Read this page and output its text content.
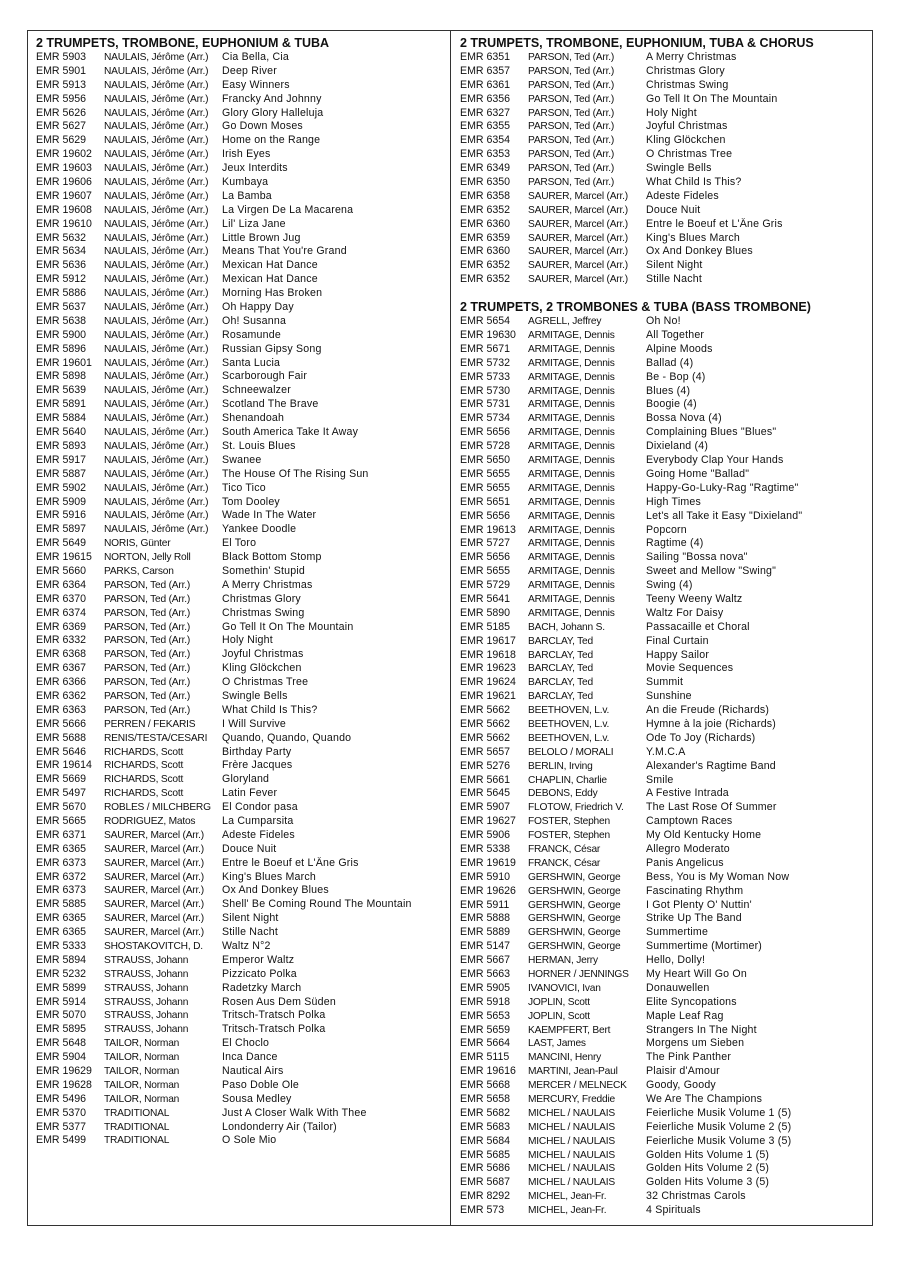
2 TRUMPETS, TROMBONE, EUPHONIUM & TUBA
EMR 5903	NAULAIS, Jérôme (Arr.)	Cia Bella, Cia
EMR 5901	NAULAIS, Jérôme (Arr.)	Deep River
EMR 5913	NAULAIS, Jérôme (Arr.)	Easy Winners
EMR 5956	NAULAIS, Jérôme (Arr.)	Francky And Johnny
EMR 5626	NAULAIS, Jérôme (Arr.)	Glory Glory Halleluja
EMR 5627	NAULAIS, Jérôme (Arr.)	Go Down Moses
EMR 5629	NAULAIS, Jérôme (Arr.)	Home on the Range
EMR 19602	NAULAIS, Jérôme (Arr.)	Irish Eyes
EMR 19603	NAULAIS, Jérôme (Arr.)	Jeux Interdits
EMR 19606	NAULAIS, Jérôme (Arr.)	Kumbaya
EMR 19607	NAULAIS, Jérôme (Arr.)	La Bamba
EMR 19608	NAULAIS, Jérôme (Arr.)	La Virgen De La Macarena
EMR 19610	NAULAIS, Jérôme (Arr.)	Lil' Liza Jane
EMR 5632	NAULAIS, Jérôme (Arr.)	Little Brown Jug
EMR 5634	NAULAIS, Jérôme (Arr.)	Means That You're Grand
EMR 5636	NAULAIS, Jérôme (Arr.)	Mexican Hat Dance
EMR 5912	NAULAIS, Jérôme (Arr.)	Mexican Hat Dance
EMR 5886	NAULAIS, Jérôme (Arr.)	Morning Has Broken
EMR 5637	NAULAIS, Jérôme (Arr.)	Oh Happy Day
EMR 5638	NAULAIS, Jérôme (Arr.)	Oh! Susanna
EMR 5900	NAULAIS, Jérôme (Arr.)	Rosamunde
EMR 5896	NAULAIS, Jérôme (Arr.)	Russian Gipsy Song
EMR 19601	NAULAIS, Jérôme (Arr.)	Santa Lucia
EMR 5898	NAULAIS, Jérôme (Arr.)	Scarborough Fair
EMR 5639	NAULAIS, Jérôme (Arr.)	Schneewalzer
EMR 5891	NAULAIS, Jérôme (Arr.)	Scotland The Brave
EMR 5884	NAULAIS, Jérôme (Arr.)	Shenandoah
EMR 5640	NAULAIS, Jérôme (Arr.)	South America Take It Away
EMR 5893	NAULAIS, Jérôme (Arr.)	St. Louis Blues
EMR 5917	NAULAIS, Jérôme (Arr.)	Swanee
EMR 5887	NAULAIS, Jérôme (Arr.)	The House Of The Rising Sun
EMR 5902	NAULAIS, Jérôme (Arr.)	Tico Tico
EMR 5909	NAULAIS, Jérôme (Arr.)	Tom Dooley
EMR 5916	NAULAIS, Jérôme (Arr.)	Wade In The Water
EMR 5897	NAULAIS, Jérôme (Arr.)	Yankee Doodle
EMR 5649	NORIS, Günter	El Toro
EMR 19615	NORTON, Jelly Roll	Black Bottom Stomp
EMR 5660	PARKS, Carson	Somethin' Stupid
EMR 6364	PARSON, Ted (Arr.)	A Merry Christmas
EMR 6370	PARSON, Ted (Arr.)	Christmas Glory
EMR 6374	PARSON, Ted (Arr.)	Christmas Swing
EMR 6369	PARSON, Ted (Arr.)	Go Tell It On The Mountain
EMR 6332	PARSON, Ted (Arr.)	Holy Night
EMR 6368	PARSON, Ted (Arr.)	Joyful Christmas
EMR 6367	PARSON, Ted (Arr.)	Kling Glöckchen
EMR 6366	PARSON, Ted (Arr.)	O Christmas Tree
EMR 6362	PARSON, Ted (Arr.)	Swingle Bells
EMR 6363	PARSON, Ted (Arr.)	What Child Is This?
EMR 5666	PERREN / FEKARIS	I Will Survive
EMR 5688	RENIS/TESTA/CESARI	Quando, Quando, Quando
EMR 5646	RICHARDS, Scott	Birthday Party
EMR 19614	RICHARDS, Scott	Frère Jacques
EMR 5669	RICHARDS, Scott	Gloryland
EMR 5497	RICHARDS, Scott	Latin Fever
EMR 5670	ROBLES / MILCHBERG	El Condor pasa
EMR 5665	RODRIGUEZ, Matos	La Cumparsita
EMR 6371	SAURER, Marcel (Arr.)	Adeste Fideles
EMR 6365	SAURER, Marcel (Arr.)	Douce Nuit
EMR 6373	SAURER, Marcel (Arr.)	Entre le Boeuf et L'Âne Gris
EMR 6372	SAURER, Marcel (Arr.)	King's Blues March
EMR 6373	SAURER, Marcel (Arr.)	Ox And Donkey Blues
EMR 5885	SAURER, Marcel (Arr.)	Shell' Be Coming Round The Mountain
EMR 6365	SAURER, Marcel (Arr.)	Silent Night
EMR 6365	SAURER, Marcel (Arr.)	Stille Nacht
EMR 5333	SHOSTAKOVITCH, D.	Waltz N°2
EMR 5894	STRAUSS, Johann	Emperor Waltz
EMR 5232	STRAUSS, Johann	Pizzicato Polka
EMR 5899	STRAUSS, Johann	Radetzky March
EMR 5914	STRAUSS, Johann	Rosen Aus Dem Süden
EMR 5070	STRAUSS, Johann	Tritsch-Tratsch Polka
EMR 5895	STRAUSS, Johann	Tritsch-Tratsch Polka
EMR 5648	TAILOR, Norman	El Choclo
EMR 5904	TAILOR, Norman	Inca Dance
EMR 19629	TAILOR, Norman	Nautical Airs
EMR 19628	TAILOR, Norman	Paso Doble Ole
EMR 5496	TAILOR, Norman	Sousa Medley
EMR 5370	TRADITIONAL	Just A Closer Walk With Thee
EMR 5377	TRADITIONAL	Londonderry Air (Tailor)
EMR 5499	TRADITIONAL	O Sole Mio
2 TRUMPETS, TROMBONE, EUPHONIUM, TUBA & CHORUS
EMR 6351	PARSON, Ted (Arr.)	A Merry Christmas
EMR 6357	PARSON, Ted (Arr.)	Christmas Glory
EMR 6361	PARSON, Ted (Arr.)	Christmas Swing
EMR 6356	PARSON, Ted (Arr.)	Go Tell It On The Mountain
EMR 6327	PARSON, Ted (Arr.)	Holy Night
EMR 6355	PARSON, Ted (Arr.)	Joyful Christmas
EMR 6354	PARSON, Ted (Arr.)	Kling Glöckchen
EMR 6353	PARSON, Ted (Arr.)	O Christmas Tree
EMR 6349	PARSON, Ted (Arr.)	Swingle Bells
EMR 6350	PARSON, Ted (Arr.)	What Child Is This?
EMR 6358	SAURER, Marcel (Arr.)	Adeste Fideles
EMR 6352	SAURER, Marcel (Arr.)	Douce Nuit
EMR 6360	SAURER, Marcel (Arr.)	Entre le Boeuf et L'Âne Gris
EMR 6359	SAURER, Marcel (Arr.)	King's Blues March
EMR 6360	SAURER, Marcel (Arr.)	Ox And Donkey Blues
EMR 6352	SAURER, Marcel (Arr.)	Silent Night
EMR 6352	SAURER, Marcel (Arr.)	Stille Nacht
2 TRUMPETS, 2 TROMBONES & TUBA (BASS TROMBONE)
EMR 5654	AGRELL, Jeffrey	Oh No!
EMR 19630	ARMITAGE, Dennis	All Together
EMR 5671	ARMITAGE, Dennis	Alpine Moods
EMR 5732	ARMITAGE, Dennis	Ballad (4)
EMR 5733	ARMITAGE, Dennis	Be - Bop (4)
EMR 5730	ARMITAGE, Dennis	Blues (4)
EMR 5731	ARMITAGE, Dennis	Boogie (4)
EMR 5734	ARMITAGE, Dennis	Bossa Nova (4)
EMR 5656	ARMITAGE, Dennis	Complaining Blues "Blues"
EMR 5728	ARMITAGE, Dennis	Dixieland (4)
EMR 5650	ARMITAGE, Dennis	Everybody Clap Your Hands
EMR 5655	ARMITAGE, Dennis	Going Home "Ballad"
EMR 5655	ARMITAGE, Dennis	Happy-Go-Luky-Rag "Ragtime"
EMR 5651	ARMITAGE, Dennis	High Times
EMR 5656	ARMITAGE, Dennis	Let's all Take it Easy "Dixieland"
EMR 19613	ARMITAGE, Dennis	Popcorn
EMR 5727	ARMITAGE, Dennis	Ragtime (4)
EMR 5656	ARMITAGE, Dennis	Sailing "Bossa nova"
EMR 5655	ARMITAGE, Dennis	Sweet and Mellow "Swing"
EMR 5729	ARMITAGE, Dennis	Swing (4)
EMR 5641	ARMITAGE, Dennis	Teeny Weeny Waltz
EMR 5890	ARMITAGE, Dennis	Waltz For Daisy
EMR 5185	BACH, Johann S.	Passacaille et Choral
EMR 19617	BARCLAY, Ted	Final Curtain
EMR 19618	BARCLAY, Ted	Happy Sailor
EMR 19623	BARCLAY, Ted	Movie Sequences
EMR 19624	BARCLAY, Ted	Summit
EMR 19621	BARCLAY, Ted	Sunshine
EMR 5662	BEETHOVEN, L.v.	An die Freude (Richards)
EMR 5662	BEETHOVEN, L.v.	Hymne à la joie (Richards)
EMR 5662	BEETHOVEN, L.v.	Ode To Joy (Richards)
EMR 5657	BELOLO / MORALI	Y.M.C.A
EMR 5276	BERLIN, Irving	Alexander's Ragtime Band
EMR 5661	CHAPLIN, Charlie	Smile
EMR 5645	DEBONS, Eddy	A Festive Intrada
EMR 5907	FLOTOW, Friedrich V.	The Last Rose Of Summer
EMR 19627	FOSTER, Stephen	Camptown Races
EMR 5906	FOSTER, Stephen	My Old Kentucky Home
EMR 5338	FRANCK, César	Allegro Moderato
EMR 19619	FRANCK, César	Panis Angelicus
EMR 5910	GERSHWIN, George	Bess, You is My Woman Now
EMR 19626	GERSHWIN, George	Fascinating Rhythm
EMR 5911	GERSHWIN, George	I Got Plenty O' Nuttin'
EMR 5888	GERSHWIN, George	Strike Up The Band
EMR 5889	GERSHWIN, George	Summertime
EMR 5147	GERSHWIN, George	Summertime (Mortimer)
EMR 5667	HERMAN, Jerry	Hello, Dolly!
EMR 5663	HORNER / JENNINGS	My Heart Will Go On
EMR 5905	IVANOVICI, Ivan	Donauwellen
EMR 5918	JOPLIN, Scott	Elite Syncopations
EMR 5653	JOPLIN, Scott	Maple Leaf Rag
EMR 5659	KAEMPFERT, Bert	Strangers In The Night
EMR 5664	LAST, James	Morgens um Sieben
EMR 5115	MANCINI, Henry	The Pink Panther
EMR 19616	MARTINI, Jean-Paul	Plaisir d'Amour
EMR 5668	MERCER / MELNECK	Goody, Goody
EMR 5658	MERCURY, Freddie	We Are The Champions
EMR 5682	MICHEL / NAULAIS	Feierliche Musik Volume 1 (5)
EMR 5683	MICHEL / NAULAIS	Feierliche Musik Volume 2 (5)
EMR 5684	MICHEL / NAULAIS	Feierliche Musik Volume 3 (5)
EMR 5685	MICHEL / NAULAIS	Golden Hits Volume 1 (5)
EMR 5686	MICHEL / NAULAIS	Golden Hits Volume 2 (5)
EMR 5687	MICHEL / NAULAIS	Golden Hits Volume 3 (5)
EMR 8292	MICHEL, Jean-Fr.	32 Christmas Carols
EMR 573	MICHEL, Jean-Fr.	4 Spirituals
